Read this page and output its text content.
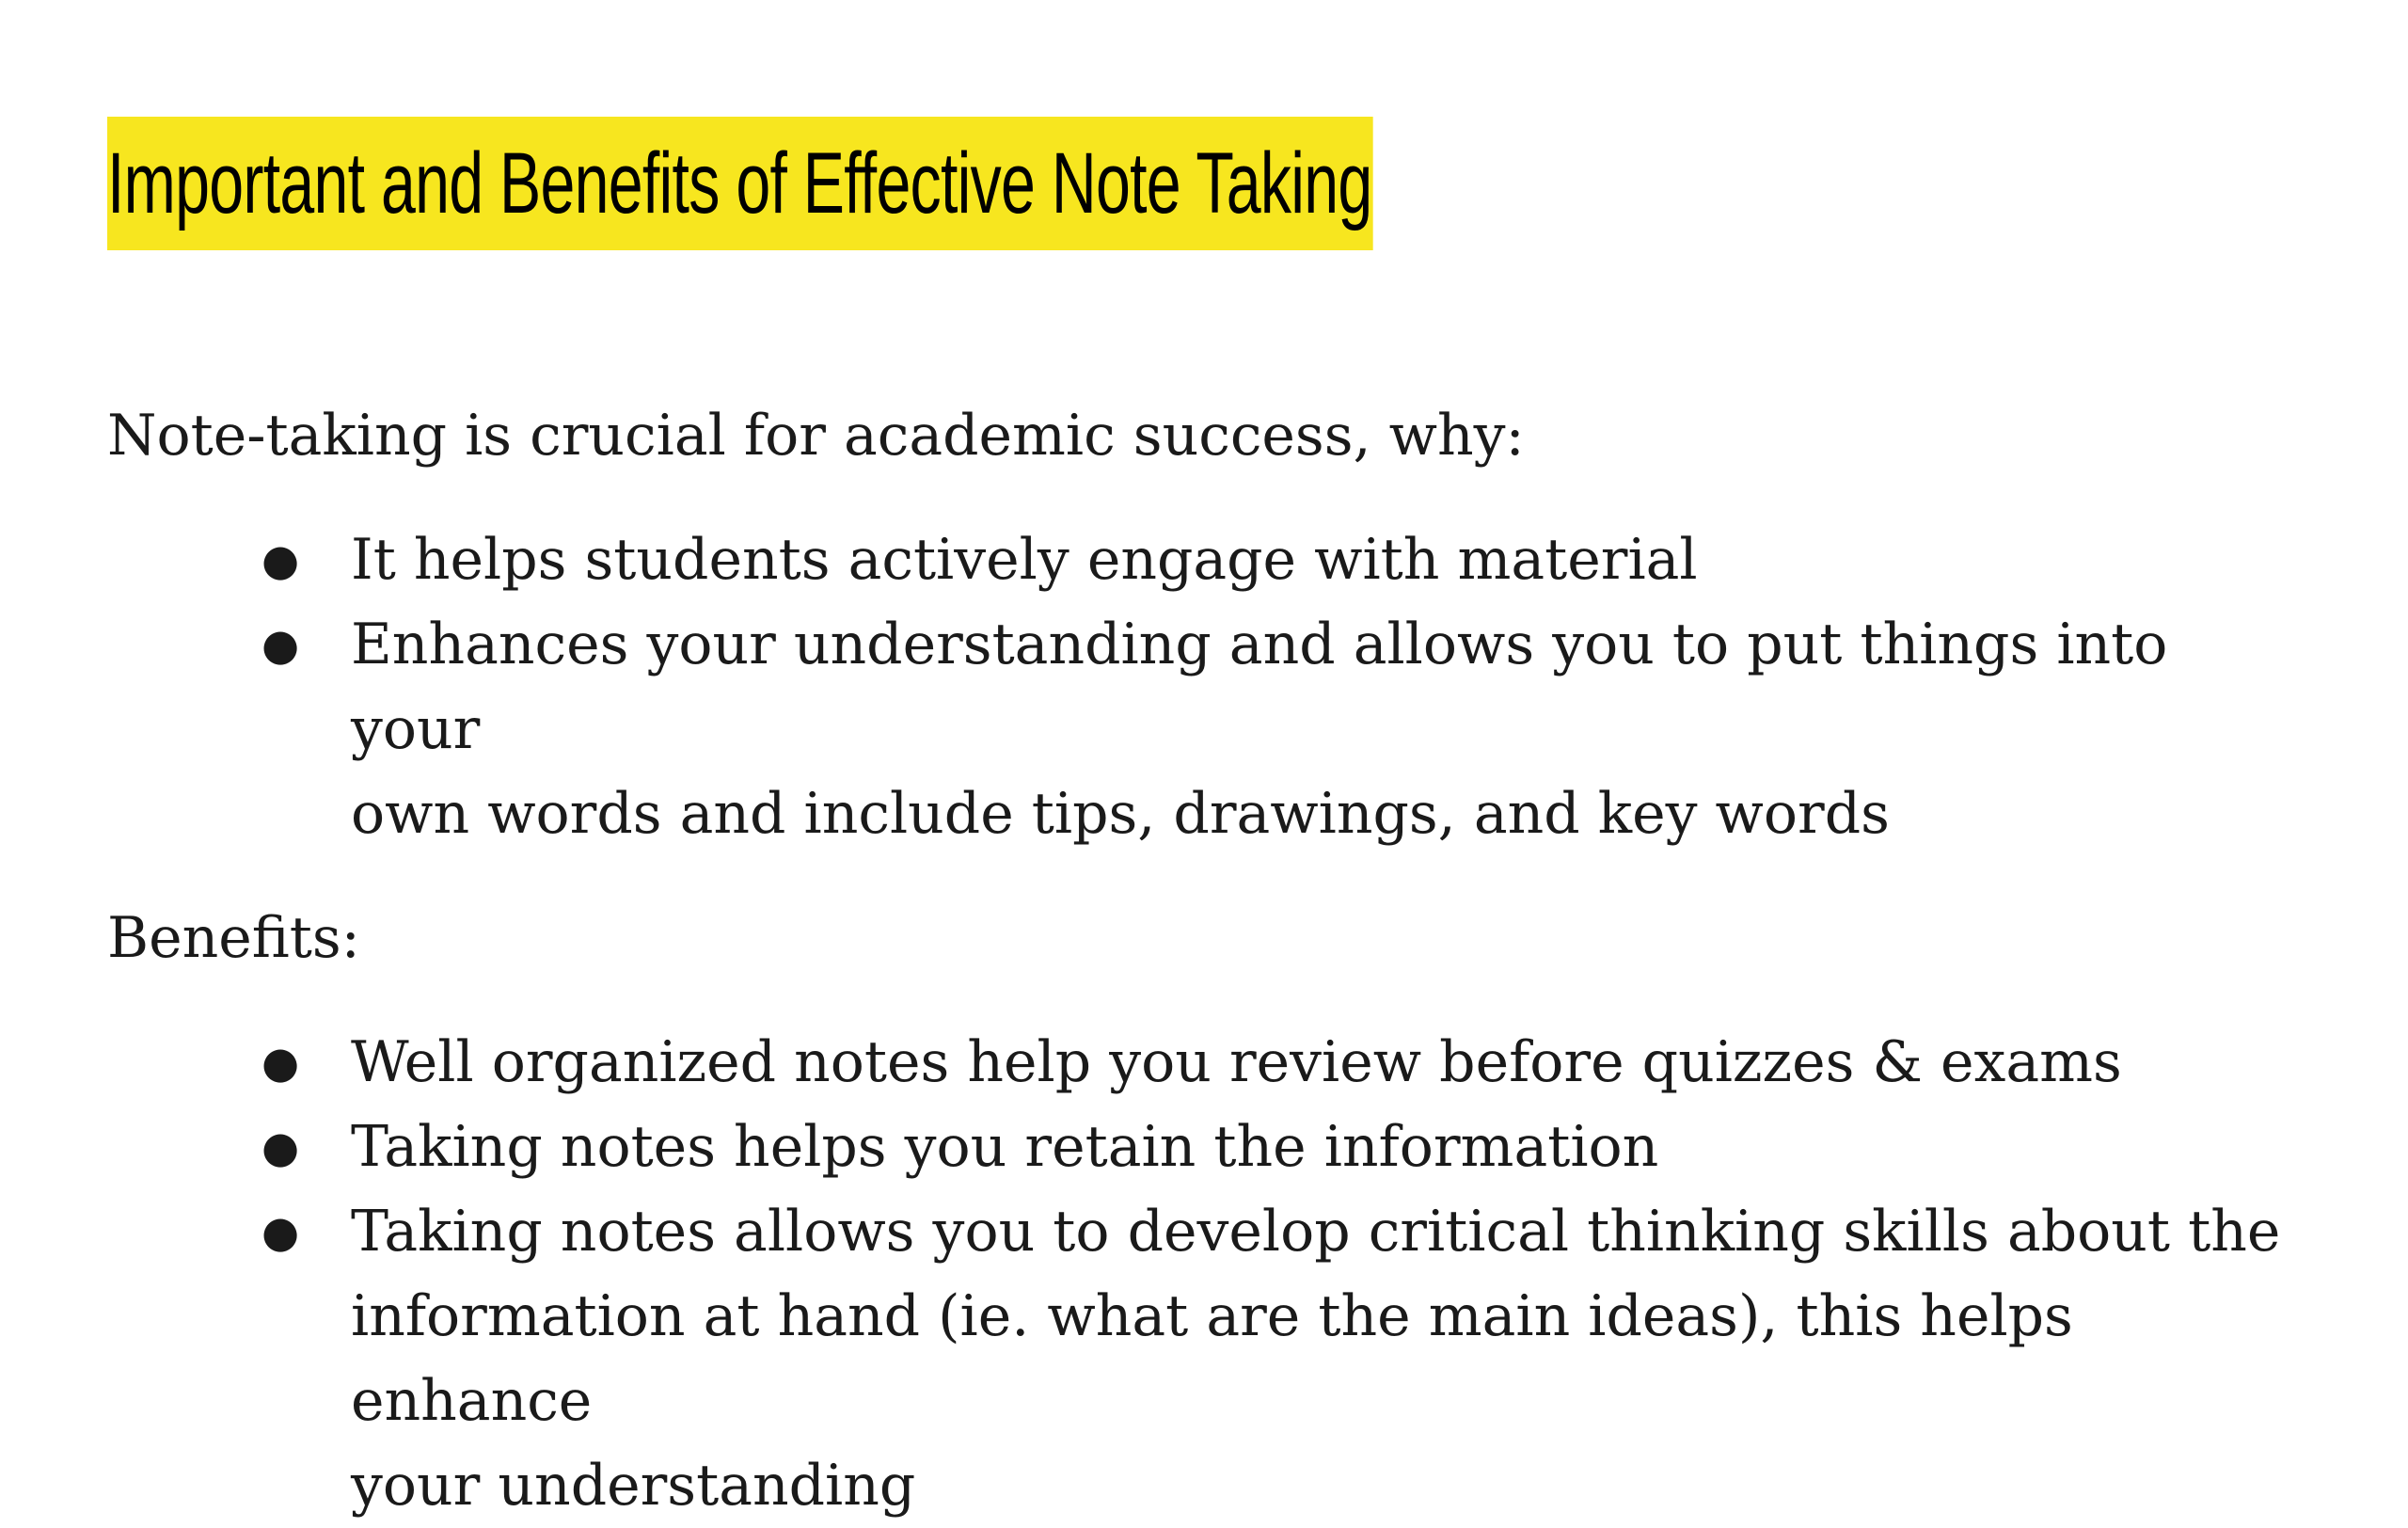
Important and Benefits of Effective Note Taking

Note-taking is crucial for academic success, why:

● It helps students actively engage with material
● Enhances your understanding and allows you to put things into your
own words and include tips, drawings, and key words

Benefits:

● Well organized notes help you review before quizzes & exams
● Taking notes helps you retain the information
● Taking notes allows you to develop critical thinking skills about the
information at hand (ie. what are the main ideas), this helps enhance
your understanding
